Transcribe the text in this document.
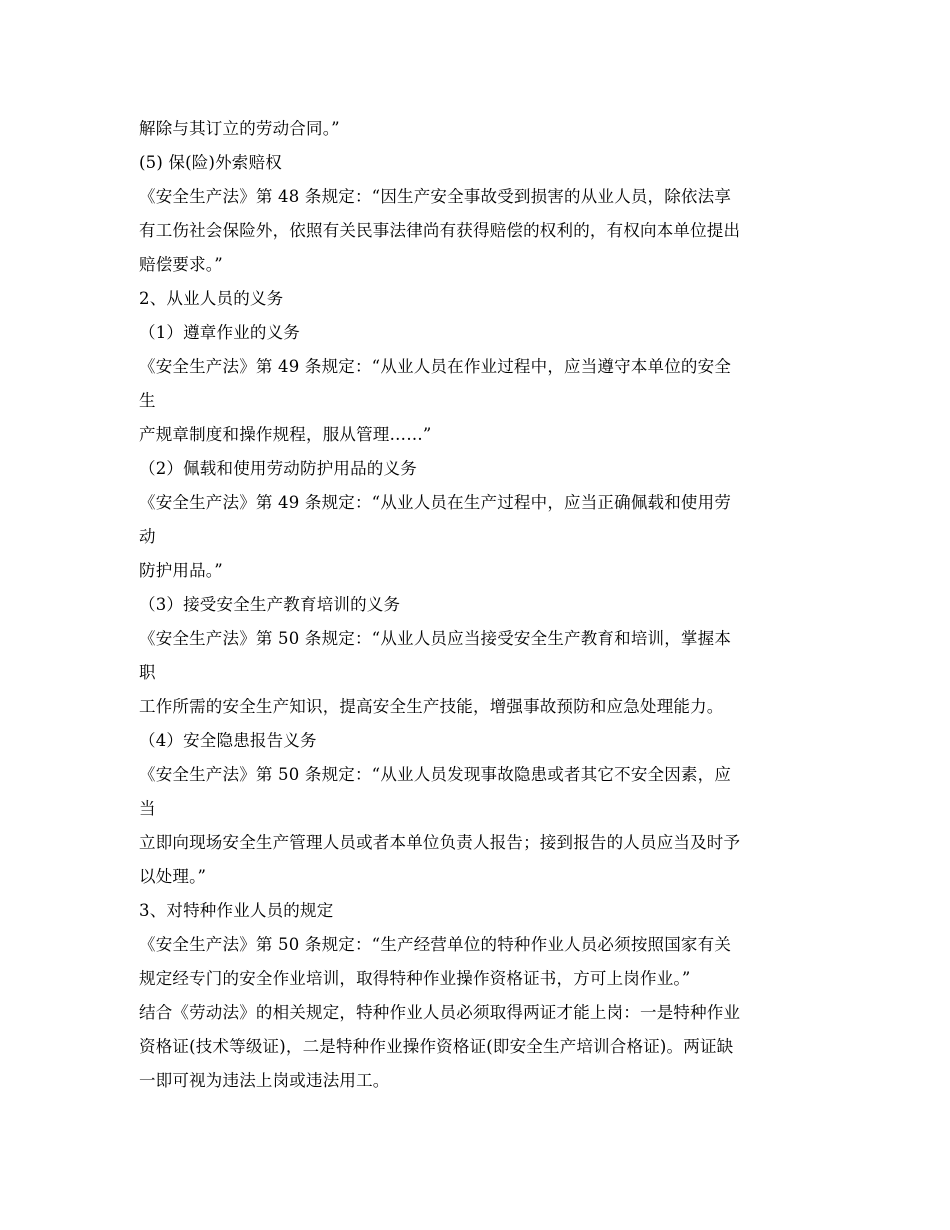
解除与其订立的劳动合同。”
(5) 保(险)外索赔权
《安全生产法》第 48 条规定：“因生产安全事故受到损害的从业人员，除依法享
有工伤社会保险外，依照有关民事法律尚有获得赔偿的权利的，有权向本单位提出
赔偿要求。”
2、从业人员的义务
（1）遵章作业的义务
《安全生产法》第 49 条规定：“从业人员在作业过程中，应当遵守本单位的安全
生
产规章制度和操作规程，服从管理……”
（2）佩载和使用劳动防护用品的义务
《安全生产法》第 49 条规定：“从业人员在生产过程中，应当正确佩载和使用劳
动
防护用品。”
（3）接受安全生产教育培训的义务
《安全生产法》第 50 条规定：“从业人员应当接受安全生产教育和培训，掌握本
职
工作所需的安全生产知识，提高安全生产技能，增强事故预防和应急处理能力。
（4）安全隐患报告义务
《安全生产法》第 50 条规定：“从业人员发现事故隐患或者其它不安全因素，应
当
立即向现场安全生产管理人员或者本单位负责人报告；接到报告的人员应当及时予
以处理。”
3、对特种作业人员的规定
《安全生产法》第 50 条规定：“生产经营单位的特种作业人员必须按照国家有关
规定经专门的安全作业培训，取得特种作业操作资格证书，方可上岗作业。”
结合《劳动法》的相关规定，特种作业人员必须取得两证才能上岗：一是特种作业
资格证(技术等级证)，二是特种作业操作资格证(即安全生产培训合格证)。两证缺
一即可视为违法上岗或违法用工。
